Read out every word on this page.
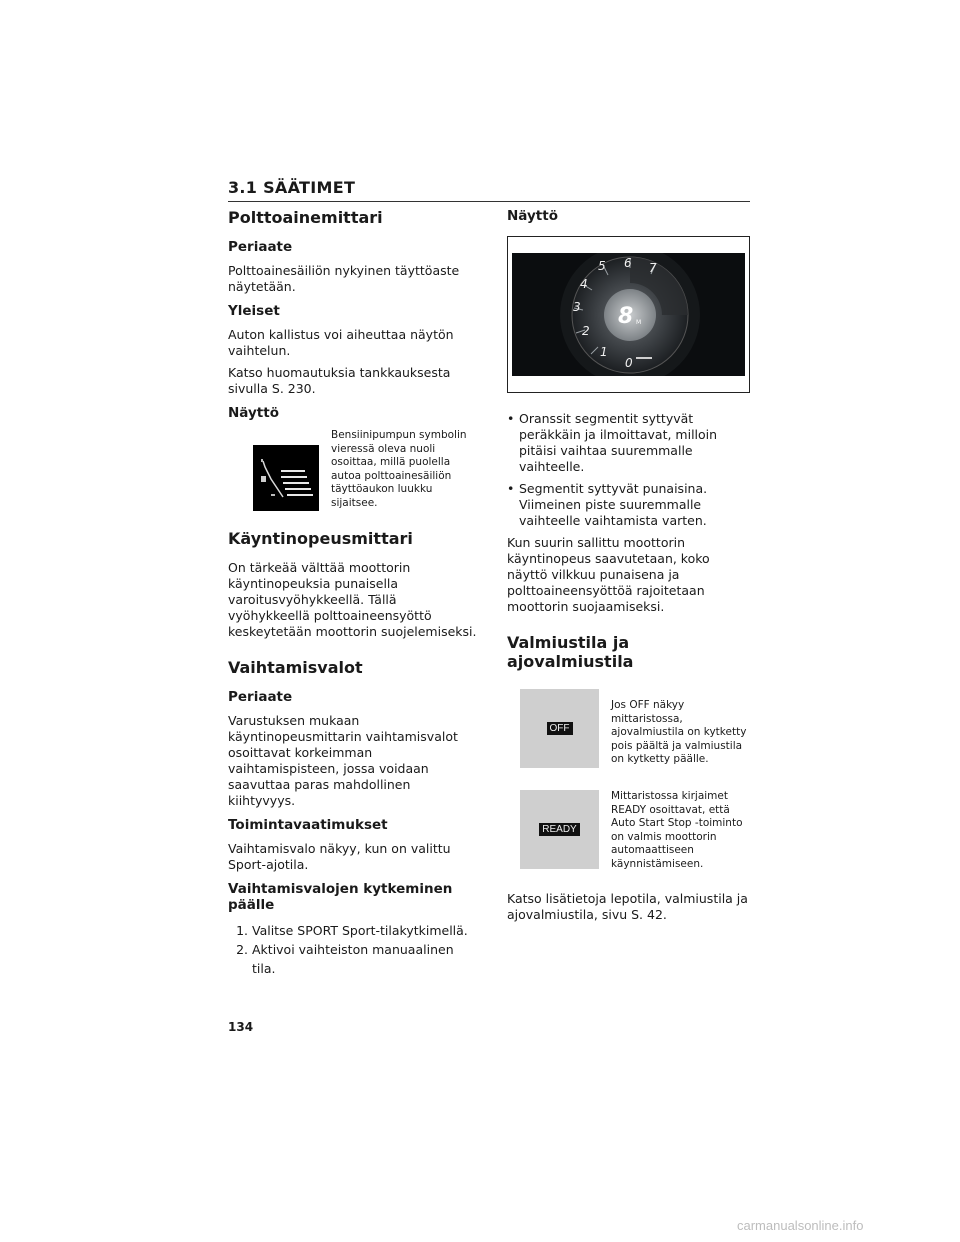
3.1 SÄÄTIMET
Polttoainemittari
Periaate

Polttoainesäiliön nykyinen täyttöaste näytetään.

Yleiset

Auton kallistus voi aiheuttaa näytön vaihtelun.

Katso huomautuksia tankkauksesta sivulla S. 230.

Näyttö
Bensiinipumpun symbolin vieressä oleva nuoli osoittaa, millä puolella autoa polttoainesäiliön täyttöaukon luukku sijaitsee.
Käyntinopeusmittari

On tärkeää välttää moottorin käyntinopeuksia punaisella varoitusvyöhykkeellä. Tällä vyöhykkeellä polttoaineensyöttö keskeytetään moottorin suojelemiseksi.

Vaihtamisvalot
Periaate

Varustuksen mukaan käyntinopeusmittarin vaihtamisvalot osoittavat korkeimman vaihtamispisteen, jossa voidaan saavuttaa paras mahdollinen kiihtyvyys.

Toimintavaatimukset

Vaihtamisvalo näkyy, kun on valittu Sport-ajotila.

Vaihtamisvalojen kytkeminen päälle
1. Valitse SPORT Sport-tilakytkimellä.
2. Aktivoi vaihteiston manuaalinen tila.
Näyttö
0
1
2
3
4
5 6 7
8 M
• Oranssit segmentit syttyvät peräkkäin ja ilmoittavat, milloin pitäisi vaihtaa suuremmalle vaihteelle.
• Segmentit syttyvät punaisina. Viimeinen piste suuremmalle vaihteelle vaihtamista varten.

Kun suurin sallittu moottorin käyntinopeus saavutetaan, koko näyttö vilkkuu punaisena ja polttoaineensyöttöä rajoitetaan moottorin suojaamiseksi.

Valmiustila ja ajovalmiustila
OFF
Jos OFF näkyy mittaristossa, ajovalmiustila on kytketty pois päältä ja valmiustila on kytketty päälle.
READY
Mittaristossa kirjaimet READY osoittavat, että Auto Start Stop -toiminto on valmis moottorin automaattiseen käynnistämiseen.

Katso lisätietoja lepotila, valmiustila ja ajovalmiustila, sivu S. 42.

134
carmanualsonline.info
